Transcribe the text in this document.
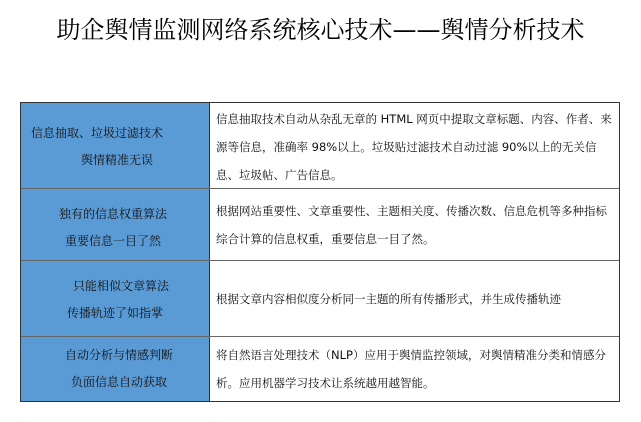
助企舆情监测网络系统核心技术——舆情分析技术
信息抽取、垃圾过滤技术
舆情精准无误
信息抽取技术自动从杂乱无章的 HTML 网页中提取文章标题、内容、作者、来源等信息，准确率 98%以上。垃圾贴过滤技术自动过滤 90%以上的无关信息、垃圾帖、广告信息。
独有的信息权重算法
重要信息一目了然
根据网站重要性、文章重要性、主题相关度、传播次数、信息危机等多种指标综合计算的信息权重，重要信息一目了然。
只能相似文章算法
传播轨迹了如指掌
根据文章内容相似度分析同一主题的所有传播形式，并生成传播轨迹
自动分析与情感判断
负面信息自动获取
将自然语言处理技术（NLP）应用于舆情监控领域，对舆情精准分类和情感分析。应用机器学习技术让系统越用越智能。
